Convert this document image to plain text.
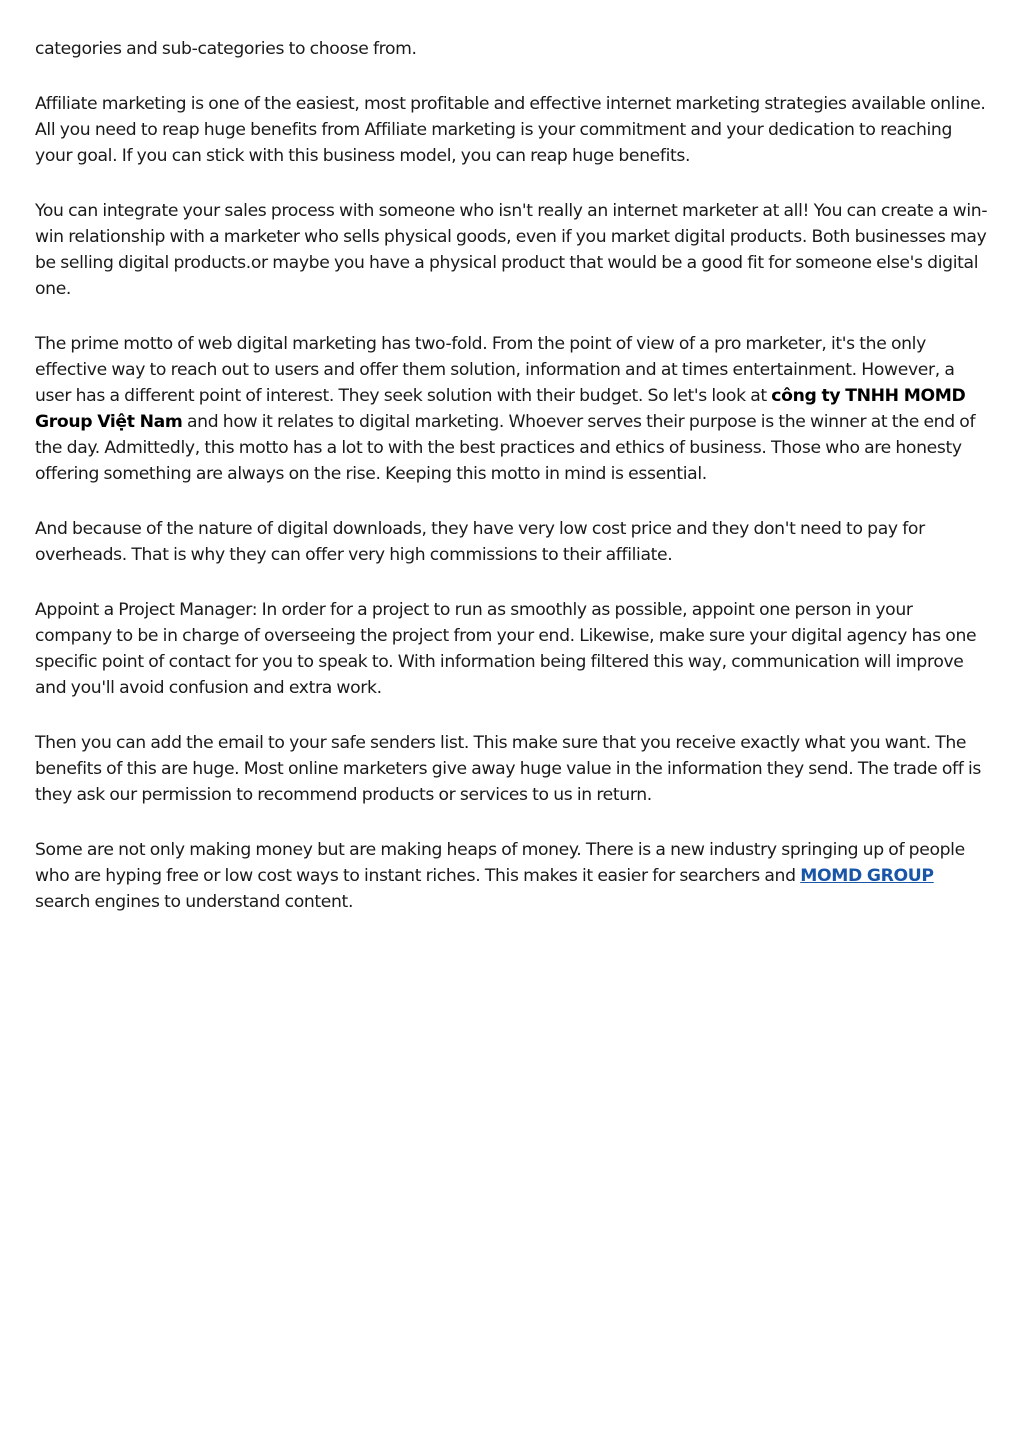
categories and sub-categories to choose from.

Affiliate marketing is one of the easiest, most profitable and effective internet marketing strategies available online. All you need to reap huge benefits from Affiliate marketing is your commitment and your dedication to reaching your goal. If you can stick with this business model, you can reap huge benefits.

You can integrate your sales process with someone who isn't really an internet marketer at all! You can create a win-win relationship with a marketer who sells physical goods, even if you market digital products. Both businesses may be selling digital products.or maybe you have a physical product that would be a good fit for someone else's digital one.

The prime motto of web digital marketing has two-fold. From the point of view of a pro marketer, it's the only effective way to reach out to users and offer them solution, information and at times entertainment. However, a user has a different point of interest. They seek solution with their budget. So let's look at công ty TNHH MOMD Group Việt Nam and how it relates to digital marketing. Whoever serves their purpose is the winner at the end of the day. Admittedly, this motto has a lot to with the best practices and ethics of business. Those who are honesty offering something are always on the rise. Keeping this motto in mind is essential.

And because of the nature of digital downloads, they have very low cost price and they don't need to pay for overheads. That is why they can offer very high commissions to their affiliate.

Appoint a Project Manager: In order for a project to run as smoothly as possible, appoint one person in your company to be in charge of overseeing the project from your end. Likewise, make sure your digital agency has one specific point of contact for you to speak to. With information being filtered this way, communication will improve and you'll avoid confusion and extra work.

Then you can add the email to your safe senders list. This make sure that you receive exactly what you want. The benefits of this are huge. Most online marketers give away huge value in the information they send. The trade off is they ask our permission to recommend products or services to us in return.

Some are not only making money but are making heaps of money. There is a new industry springing up of people who are hyping free or low cost ways to instant riches. This makes it easier for searchers and MOMD GROUP search engines to understand content.
